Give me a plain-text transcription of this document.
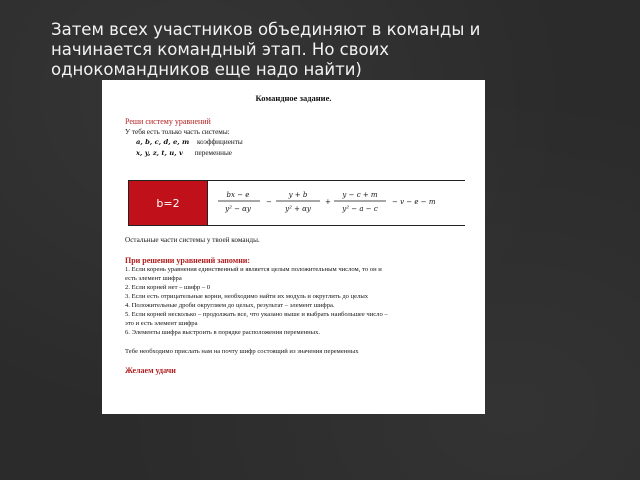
Затем всех участников объединяют в команды и
начинается командный этап. Но своих
однокомандников еще надо найти)
Командное задание.
Реши систему уравнений
У тебя есть только часть системы:
a, b, c, d, e, m коэффициенты
x, y, z, t, u, v переменные
b=2
bx − e
y² − αy
−
y + b
y² + αy
+
y − c + m
y² − a − c
− v − e − m
Остальные части системы у твоей команды.
При решении уравнений запомни:
1. Если корень уравнения единственный и является целым положительным числом, то он и
есть элемент шифра
2. Если корней нет – шифр – 0
3. Если есть отрицательные корни, необходимо найти их модуль и округлить до целых
4. Положительные дроби округляем до целых, результат – элемент шифра.
5. Если корней несколько – продолжать все, что указано выше и выбрать наибольшее число –
это и есть элемент шифра
6. Элементы шифра выстроить в порядке расположения переменных.
Тебе необходимо прислать нам на почту шифр состоящий из значения переменных
Желаем удачи
